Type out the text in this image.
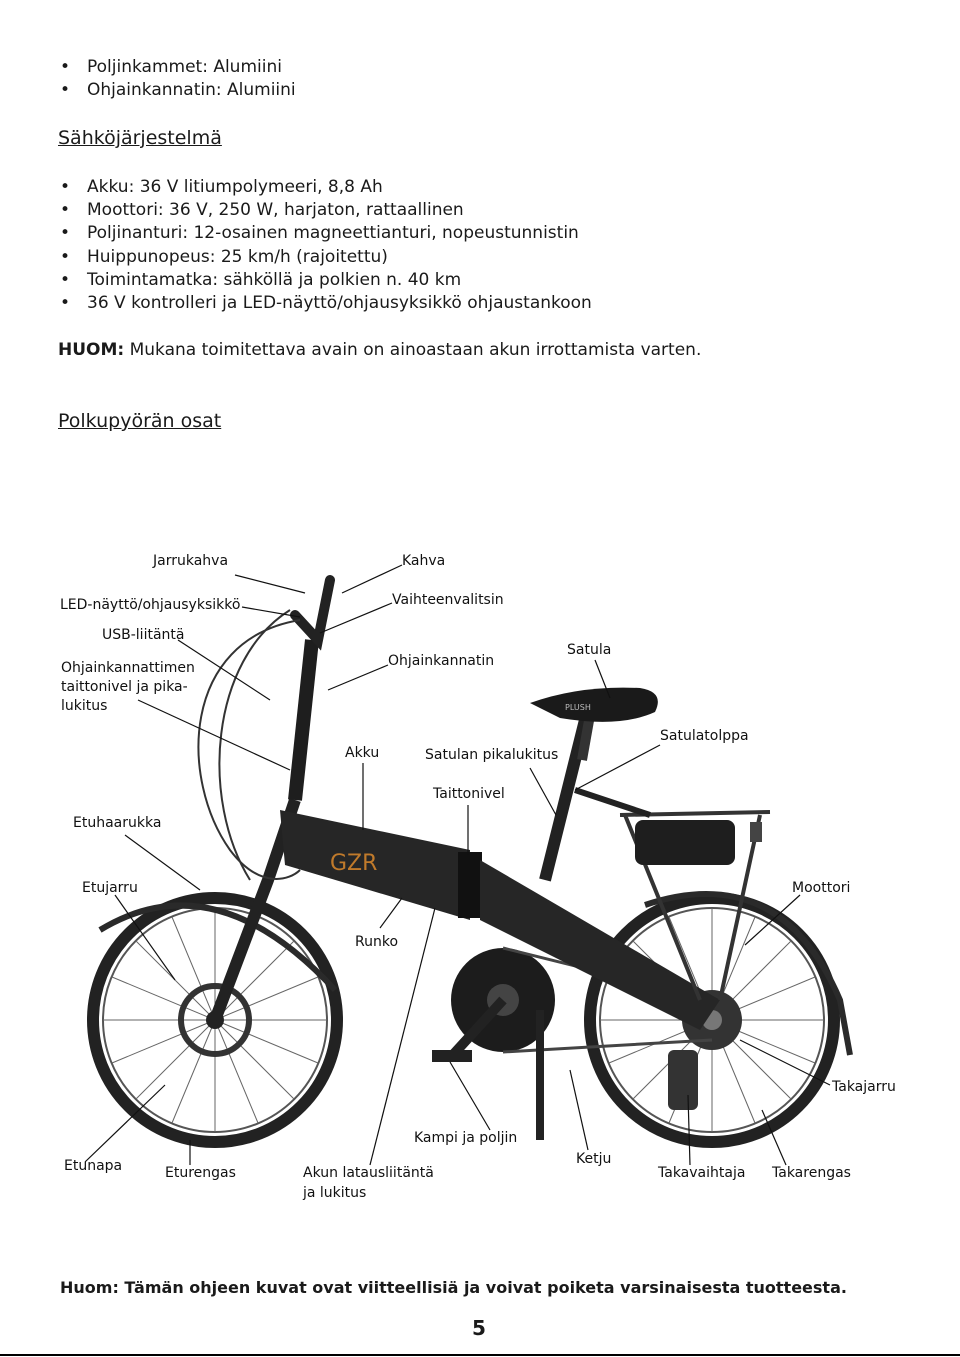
• Poljinkammet: Alumiini
• Ohjainkannatin: Alumiini
Sähköjärjestelmä
• Akku: 36 V litiumpolymeeri, 8,8 Ah
• Moottori: 36 V, 250 W, harjaton, rattaallinen
• Poljinanturi: 12-osainen magneettianturi, nopeustunnistin
• Huippunopeus: 25 km/h (rajoitettu)
• Toimintamatka: sähköllä ja polkien n. 40 km
• 36 V kontrolleri ja LED-näyttö/ohjausyksikkö ohjaustankoon
HUOM: Mukana toimitettava avain on ainoastaan akun irrottamista varten.
Polkupyörän osat
GZR
PLUSH
Jarrukahva	Kahva
LED-näyttö/ohjausyksikkö	Vaihteenvalitsin
USB-liitäntä
Ohjainkannatin
Satula
Ohjainkannattimen
taittonivel ja pika-
lukitus
Akku	Satulan pikalukitus
Satulatolppa
Taittonivel
Etuhaarukka
Etujarru	Moottori
Runko
Takajarru
Kampi ja poljin
Ketju
Etunapa	Eturengas	Akun latausliitäntä
ja lukitus
Takavaihtaja Takarengas
Huom: Tämän ohjeen kuvat ovat viitteellisiä ja voivat poiketa varsinaisesta tuotteesta.
5
